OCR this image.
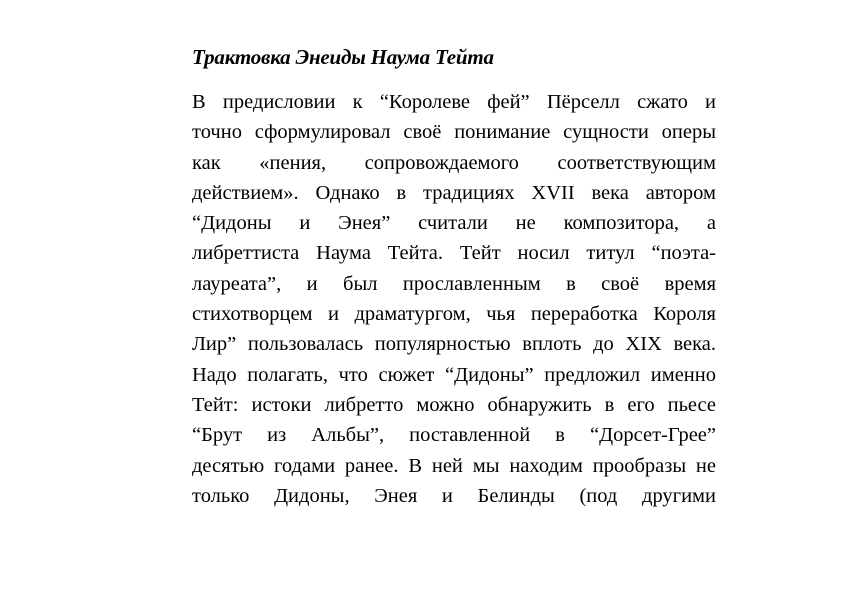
Трактовка Энеиды Наума Тейта
В предисловии к “Королеве фей” Пёрселл сжато и
точно сформулировал своё понимание сущности оперы
как «пения, сопровождаемого соответствующим
действием». Однако в традициях XVII века автором
“Дидоны и Энея” считали не композитора, а
либреттиста Наума Тейта. Тейт носил титул “поэта-
лауреата”, и был прославленным в своё время
стихотворцем и драматургом, чья переработка Короля
Лир” пользовалась популярностью вплоть до XIX века.
Надо полагать, что сюжет “Дидоны” предложил именно
Тейт: истоки либретто можно обнаружить в его пьесе
“Брут из Альбы”, поставленной в “Дорсет-Грее”
десятью годами ранее. В ней мы находим прообразы не
только Дидоны, Энея и Белинды (под другими
